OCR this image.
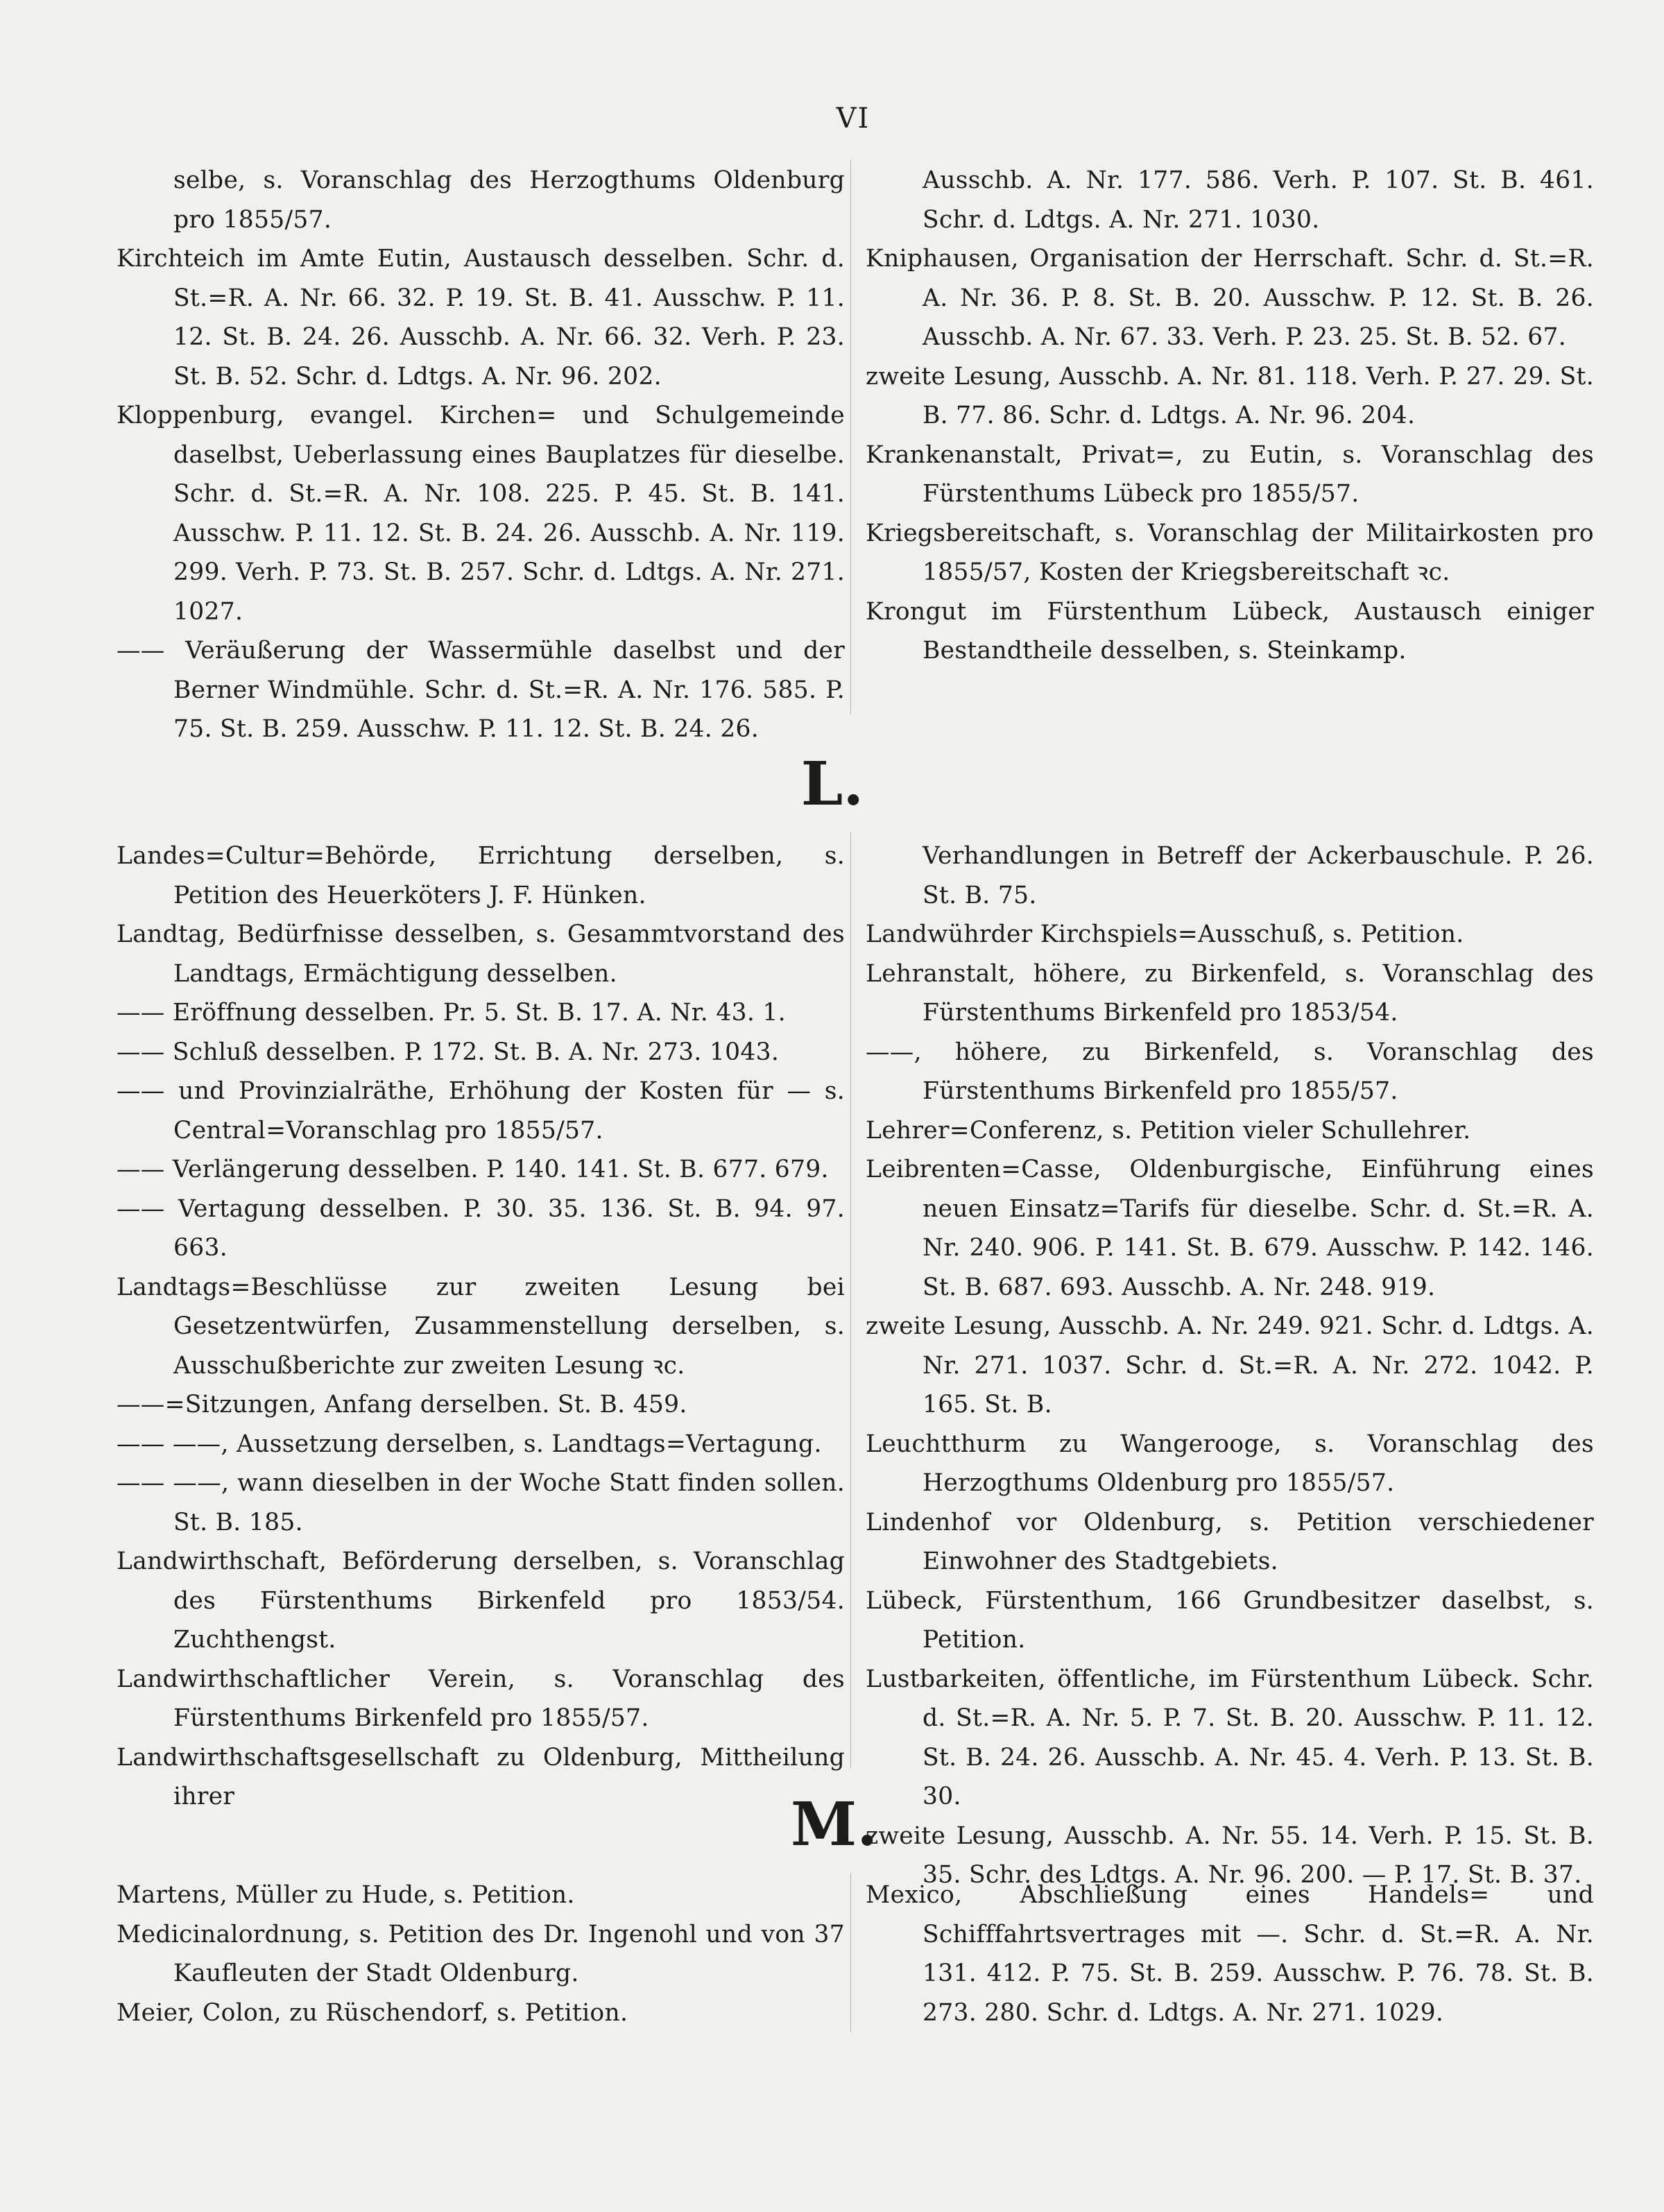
VI

selbe, s. Voranschlag des Herzogthums Oldenburg pro 1855/57.

Kirchteich im Amte Eutin, Austausch desselben. Schr. d. St.=R. A. Nr. 66. 32. P. 19. St. B. 41. Ausschw. P. 11. 12. St. B. 24. 26. Ausschb. A. Nr. 66. 32. Verh. P. 23. St. B. 52. Schr. d. Ldtgs. A. Nr. 96. 202.

Kloppenburg, evangel. Kirchen= und Schulgemeinde daselbst, Ueberlassung eines Bauplatzes für dieselbe. Schr. d. St.=R. A. Nr. 108. 225. P. 45. St. B. 141. Ausschw. P. 11. 12. St. B. 24. 26. Ausschb. A. Nr. 119. 299. Verh. P. 73. St. B. 257. Schr. d. Ldtgs. A. Nr. 271. 1027.

—— Veräußerung der Wassermühle daselbst und der Berner Windmühle. Schr. d. St.=R. A. Nr. 176. 585. P. 75. St. B. 259. Ausschw. P. 11. 12. St. B. 24. 26.

Ausschb. A. Nr. 177. 586. Verh. P. 107. St. B. 461. Schr. d. Ldtgs. A. Nr. 271. 1030.

Kniphausen, Organisation der Herrschaft. Schr. d. St.=R. A. Nr. 36. P. 8. St. B. 20. Ausschw. P. 12. St. B. 26. Ausschb. A. Nr. 67. 33. Verh. P. 23. 25. St. B. 52. 67.

zweite Lesung, Ausschb. A. Nr. 81. 118. Verh. P. 27. 29. St. B. 77. 86. Schr. d. Ldtgs. A. Nr. 96. 204.

Krankenanstalt, Privat=, zu Eutin, s. Voranschlag des Fürstenthums Lübeck pro 1855/57.

Kriegsbereitschaft, s. Voranschlag der Militairkosten pro 1855/57, Kosten der Kriegsbereitschaft ꝛc.

Krongut im Fürstenthum Lübeck, Austausch einiger Bestandtheile desselben, s. Steinkamp.

L.

Landes=Cultur=Behörde, Errichtung derselben, s. Petition des Heuerköters J. F. Hünken.

Landtag, Bedürfnisse desselben, s. Gesammtvorstand des Landtags, Ermächtigung desselben.

—— Eröffnung desselben. Pr. 5. St. B. 17. A. Nr. 43. 1.

—— Schluß desselben. P. 172. St. B. A. Nr. 273. 1043.

—— und Provinzialräthe, Erhöhung der Kosten für — s. Central=Voranschlag pro 1855/57.

—— Verlängerung desselben. P. 140. 141. St. B. 677. 679.

—— Vertagung desselben. P. 30. 35. 136. St. B. 94. 97. 663.

Landtags=Beschlüsse zur zweiten Lesung bei Gesetzentwürfen, Zusammenstellung derselben, s. Ausschußberichte zur zweiten Lesung ꝛc.

——=Sitzungen, Anfang derselben. St. B. 459.

—— ——, Aussetzung derselben, s. Landtags=Vertagung.

—— ——, wann dieselben in der Woche Statt finden sollen. St. B. 185.

Landwirthschaft, Beförderung derselben, s. Voranschlag des Fürstenthums Birkenfeld pro 1853/54. Zuchthengst.

Landwirthschaftlicher Verein, s. Voranschlag des Fürstenthums Birkenfeld pro 1855/57.

Landwirthschaftsgesellschaft zu Oldenburg, Mittheilung ihrer

Verhandlungen in Betreff der Ackerbauschule. P. 26. St. B. 75.

Landwührder Kirchspiels=Ausschuß, s. Petition.

Lehranstalt, höhere, zu Birkenfeld, s. Voranschlag des Fürstenthums Birkenfeld pro 1853/54.

——, höhere, zu Birkenfeld, s. Voranschlag des Fürstenthums Birkenfeld pro 1855/57.

Lehrer=Conferenz, s. Petition vieler Schullehrer.

Leibrenten=Casse, Oldenburgische, Einführung eines neuen Einsatz=Tarifs für dieselbe. Schr. d. St.=R. A. Nr. 240. 906. P. 141. St. B. 679. Ausschw. P. 142. 146. St. B. 687. 693. Ausschb. A. Nr. 248. 919.

zweite Lesung, Ausschb. A. Nr. 249. 921. Schr. d. Ldtgs. A. Nr. 271. 1037. Schr. d. St.=R. A. Nr. 272. 1042. P. 165. St. B.

Leuchtthurm zu Wangerooge, s. Voranschlag des Herzogthums Oldenburg pro 1855/57.

Lindenhof vor Oldenburg, s. Petition verschiedener Einwohner des Stadtgebiets.

Lübeck, Fürstenthum, 166 Grundbesitzer daselbst, s. Petition.

Lustbarkeiten, öffentliche, im Fürstenthum Lübeck. Schr. d. St.=R. A. Nr. 5. P. 7. St. B. 20. Ausschw. P. 11. 12. St. B. 24. 26. Ausschb. A. Nr. 45. 4. Verh. P. 13. St. B. 30.

zweite Lesung, Ausschb. A. Nr. 55. 14. Verh. P. 15. St. B. 35. Schr. des Ldtgs. A. Nr. 96. 200. — P. 17. St. B. 37.

M.

Martens, Müller zu Hude, s. Petition.

Medicinalordnung, s. Petition des Dr. Ingenohl und von 37 Kaufleuten der Stadt Oldenburg.

Meier, Colon, zu Rüschendorf, s. Petition.

Mexico, Abschließung eines Handels= und Schifffahrtsvertrages mit —. Schr. d. St.=R. A. Nr. 131. 412. P. 75. St. B. 259. Ausschw. P. 76. 78. St. B. 273. 280. Schr. d. Ldtgs. A. Nr. 271. 1029.
